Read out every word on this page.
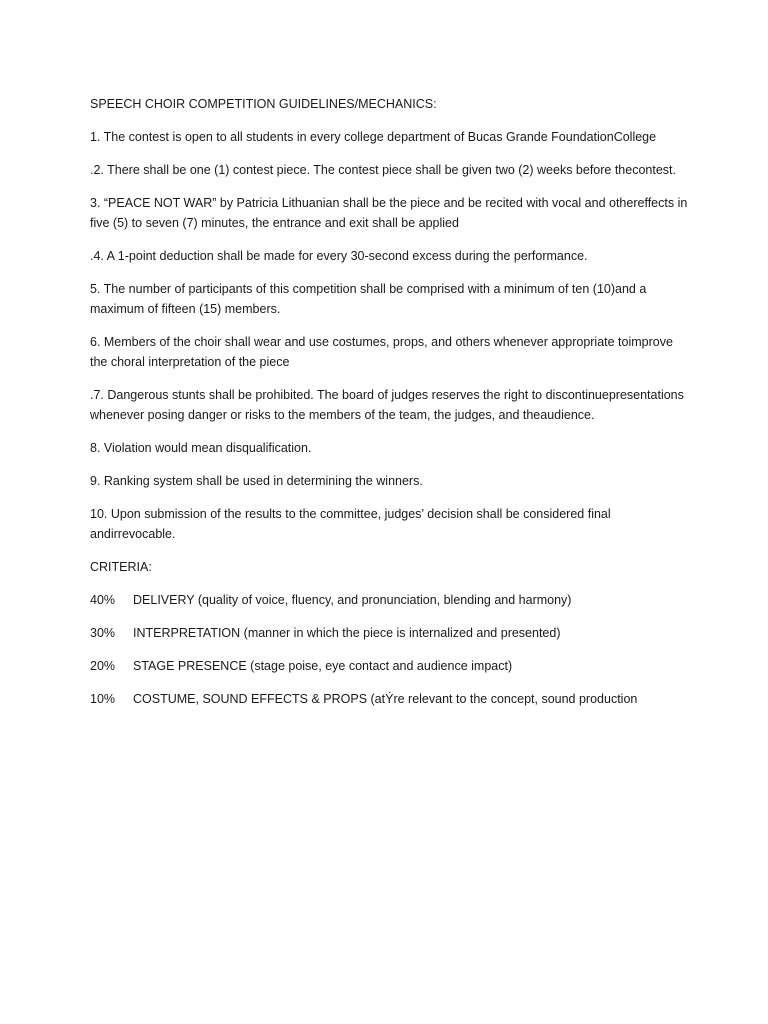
SPEECH CHOIR COMPETITION GUIDELINES/MECHANICS:

1. The contest is open to all students in every college department of Bucas Grande FoundationCollege

.2. There shall be one (1) contest piece. The contest piece shall be given two (2) weeks before thecontest.

3. “PEACE NOT WAR” by Patricia Lithuanian shall be the piece and be recited with vocal and othereffects in five (5) to seven (7) minutes, the entrance and exit shall be applied

.4. A 1-point deduction shall be made for every 30-second excess during the performance.

5. The number of participants of this competition shall be comprised with a minimum of ten (10)and a maximum of fifteen (15) members.

6. Members of the choir shall wear and use costumes, props, and others whenever appropriate toimprove the choral interpretation of the piece

.7. Dangerous stunts shall be prohibited. The board of judges reserves the right to discontinuepresentations whenever posing danger or risks to the members of the team, the judges, and theaudience.

8. Violation would mean disqualification.

9. Ranking system shall be used in determining the winners.

10. Upon submission of the results to the committee, judges’ decision shall be considered final andirrevocable.

CRITERIA:
40%	DELIVERY (quality of voice, fluency, and pronunciation, blending and harmony)
30%	INTERPRETATION (manner in which the piece is internalized and presented)
20%	STAGE PRESENCE (stage poise, eye contact and audience impact)
10%	COSTUME, SOUND EFFECTS & PROPS (atÝre relevant to the concept, sound production
